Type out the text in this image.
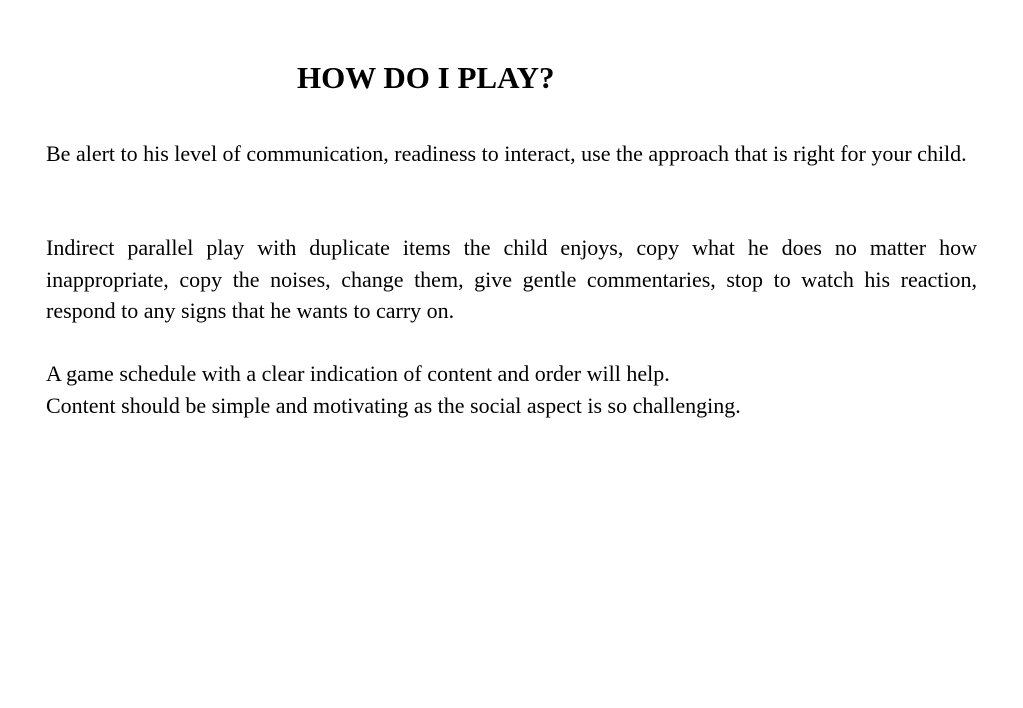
HOW DO I PLAY?

Be alert to his level of communication, readiness to interact, use the approach that is right for your child.

Indirect parallel play with duplicate items the child enjoys, copy what he does no matter how inappropriate, copy the noises, change them, give gentle commentaries, stop to watch his reaction, respond to any signs that he wants to carry on.

A game schedule with a clear indication of content and order will help.
Content should be simple and motivating as the social aspect is so challenging.
